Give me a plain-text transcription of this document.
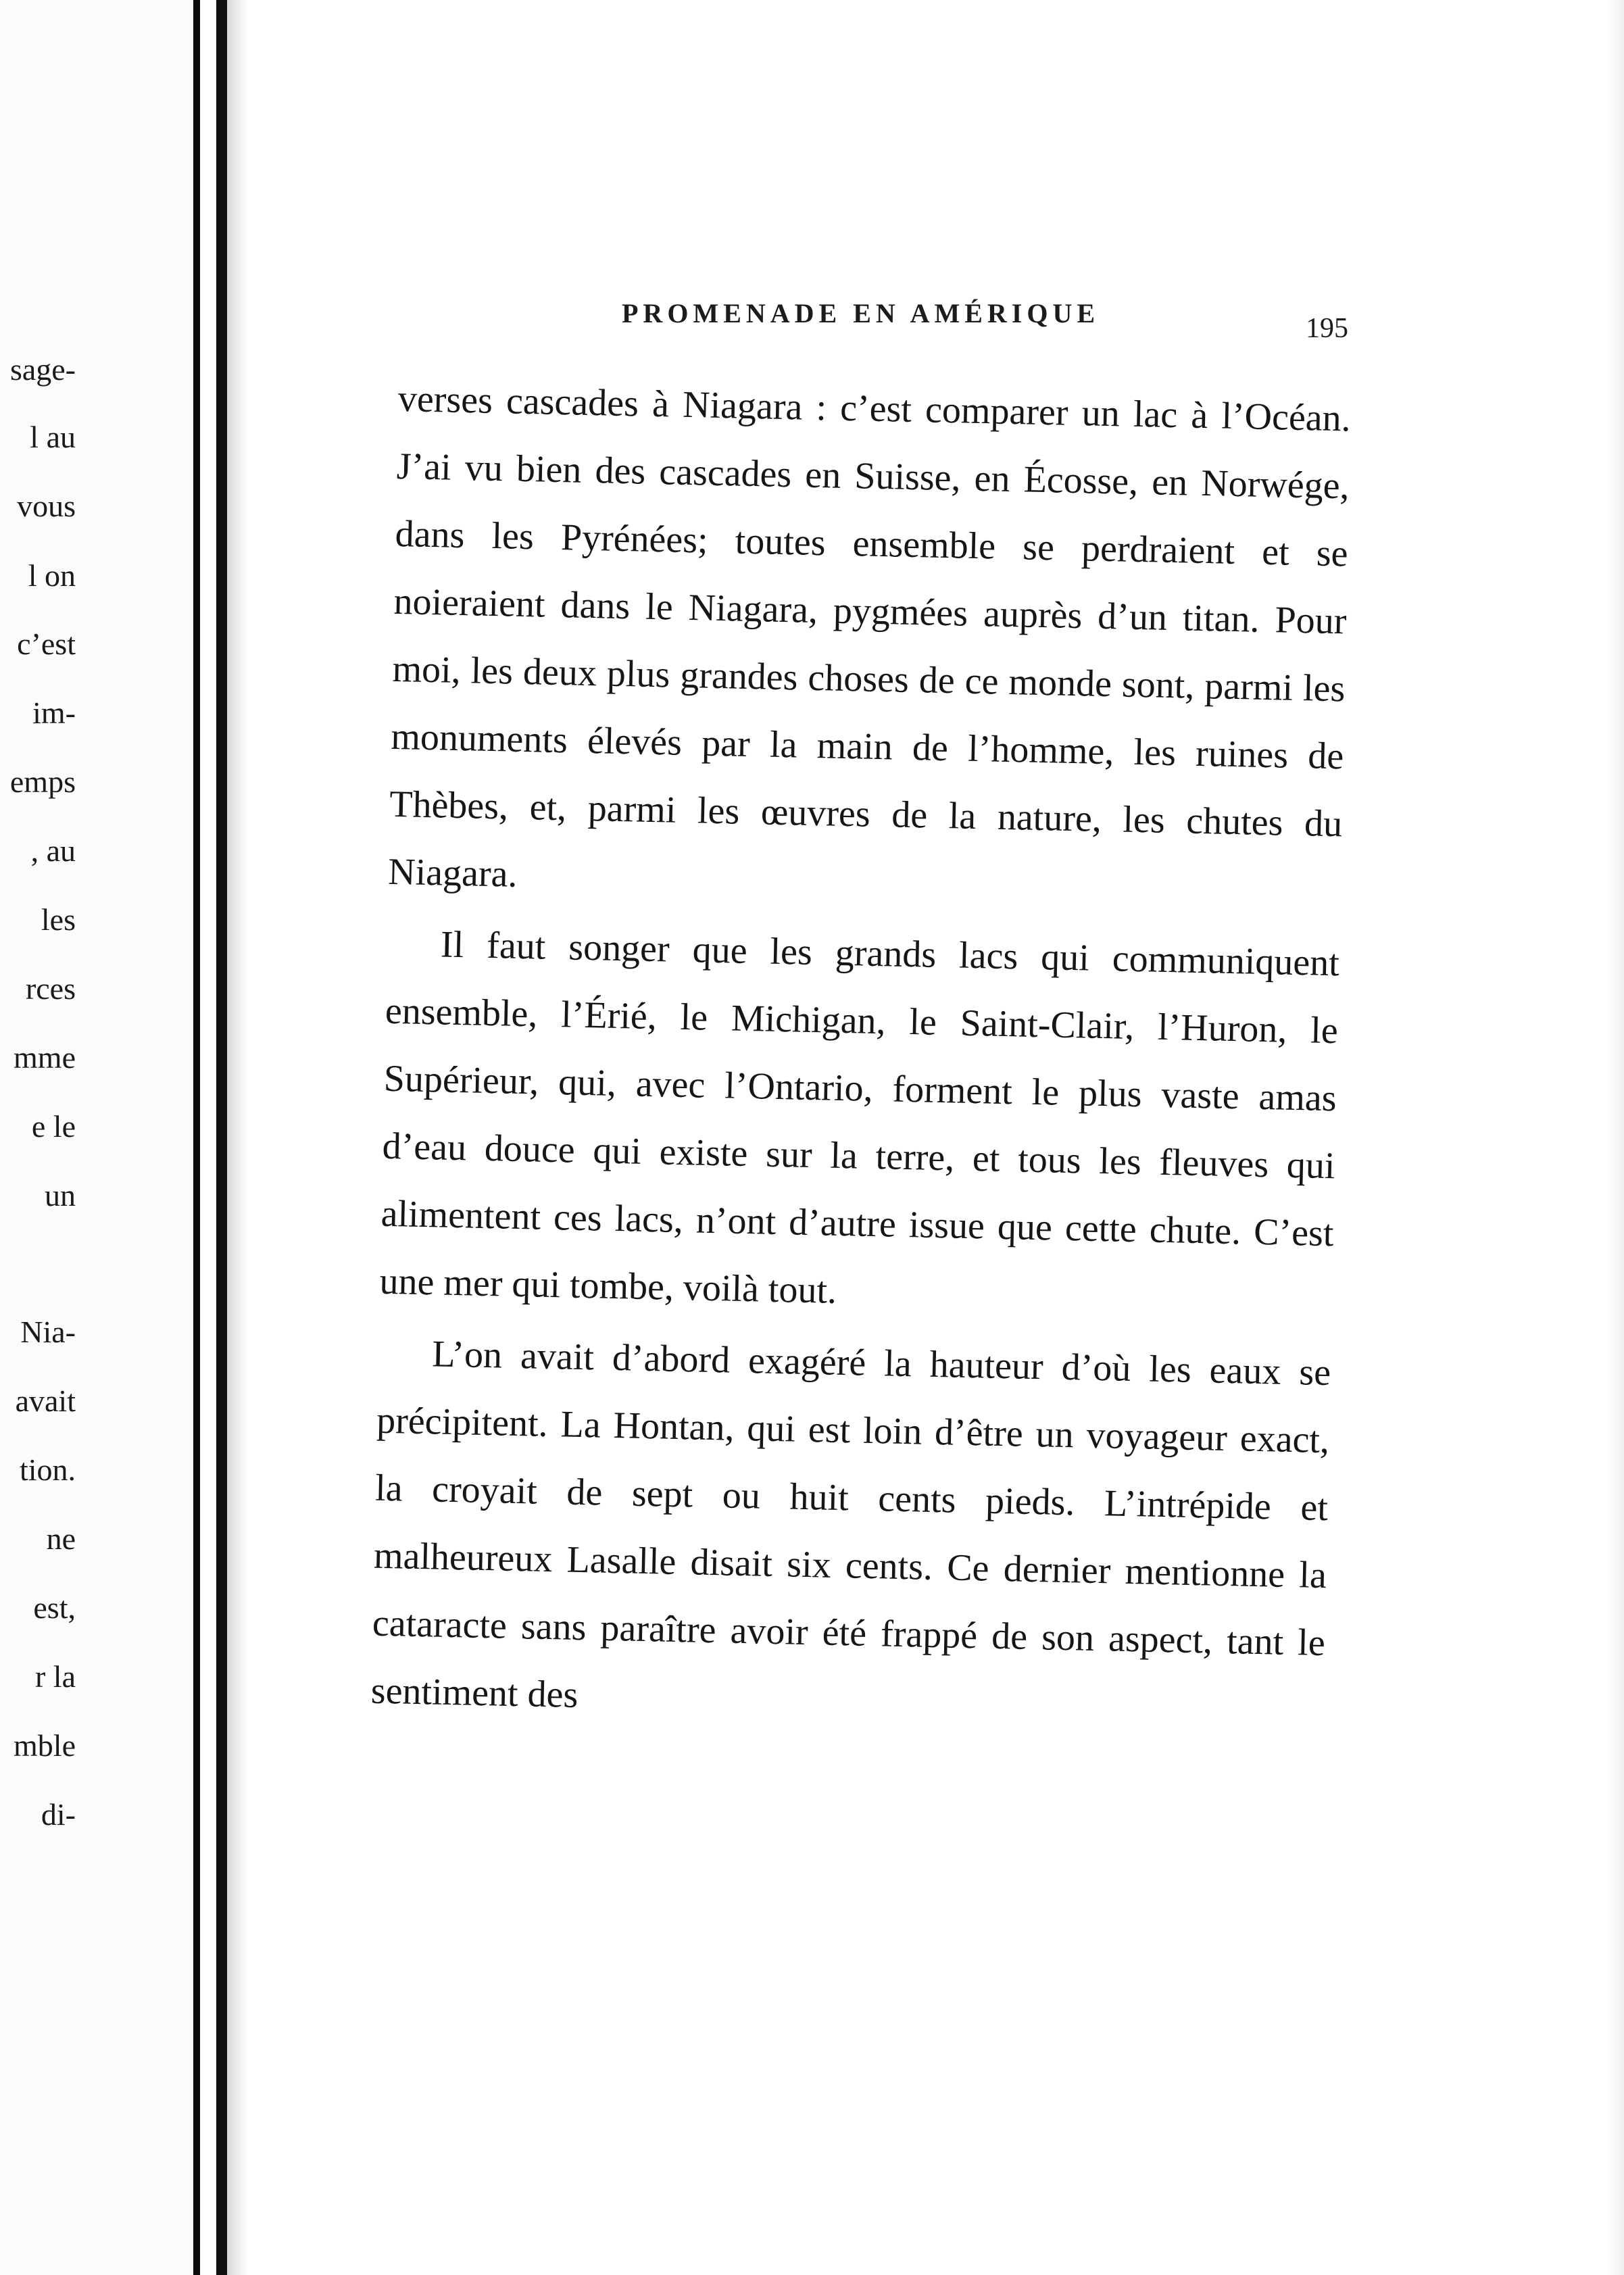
sage-
l au
vous
l on
c’est
im-
emps
, au
les
rces
mme
e le
un
Nia-
avait
tion.
ne
est,
r la
mble
di-
PROMENADE EN AMÉRIQUE	195

verses cascades à Niagara : c’est comparer un lac à l’Océan. J’ai vu bien des cascades en Suisse, en Écosse, en Norwége, dans les Pyrénées; toutes ensemble se perdraient et se noieraient dans le Niagara, pygmées auprès d’un titan. Pour moi, les deux plus grandes choses de ce monde sont, parmi les monuments élevés par la main de l’homme, les ruines de Thèbes, et, parmi les œuvres de la nature, les chutes du Niagara.

Il faut songer que les grands lacs qui communiquent ensemble, l’Érié, le Michigan, le Saint-Clair, l’Huron, le Supérieur, qui, avec l’Ontario, forment le plus vaste amas d’eau douce qui existe sur la terre, et tous les fleuves qui alimentent ces lacs, n’ont d’autre issue que cette chute. C’est une mer qui tombe, voilà tout.

L’on avait d’abord exagéré la hauteur d’où les eaux se précipitent. La Hontan, qui est loin d’être un voyageur exact, la croyait de sept ou huit cents pieds. L’intrépide et malheureux Lasalle disait six cents. Ce dernier mentionne la cataracte sans paraître avoir été frappé de son aspect, tant le sentiment des
